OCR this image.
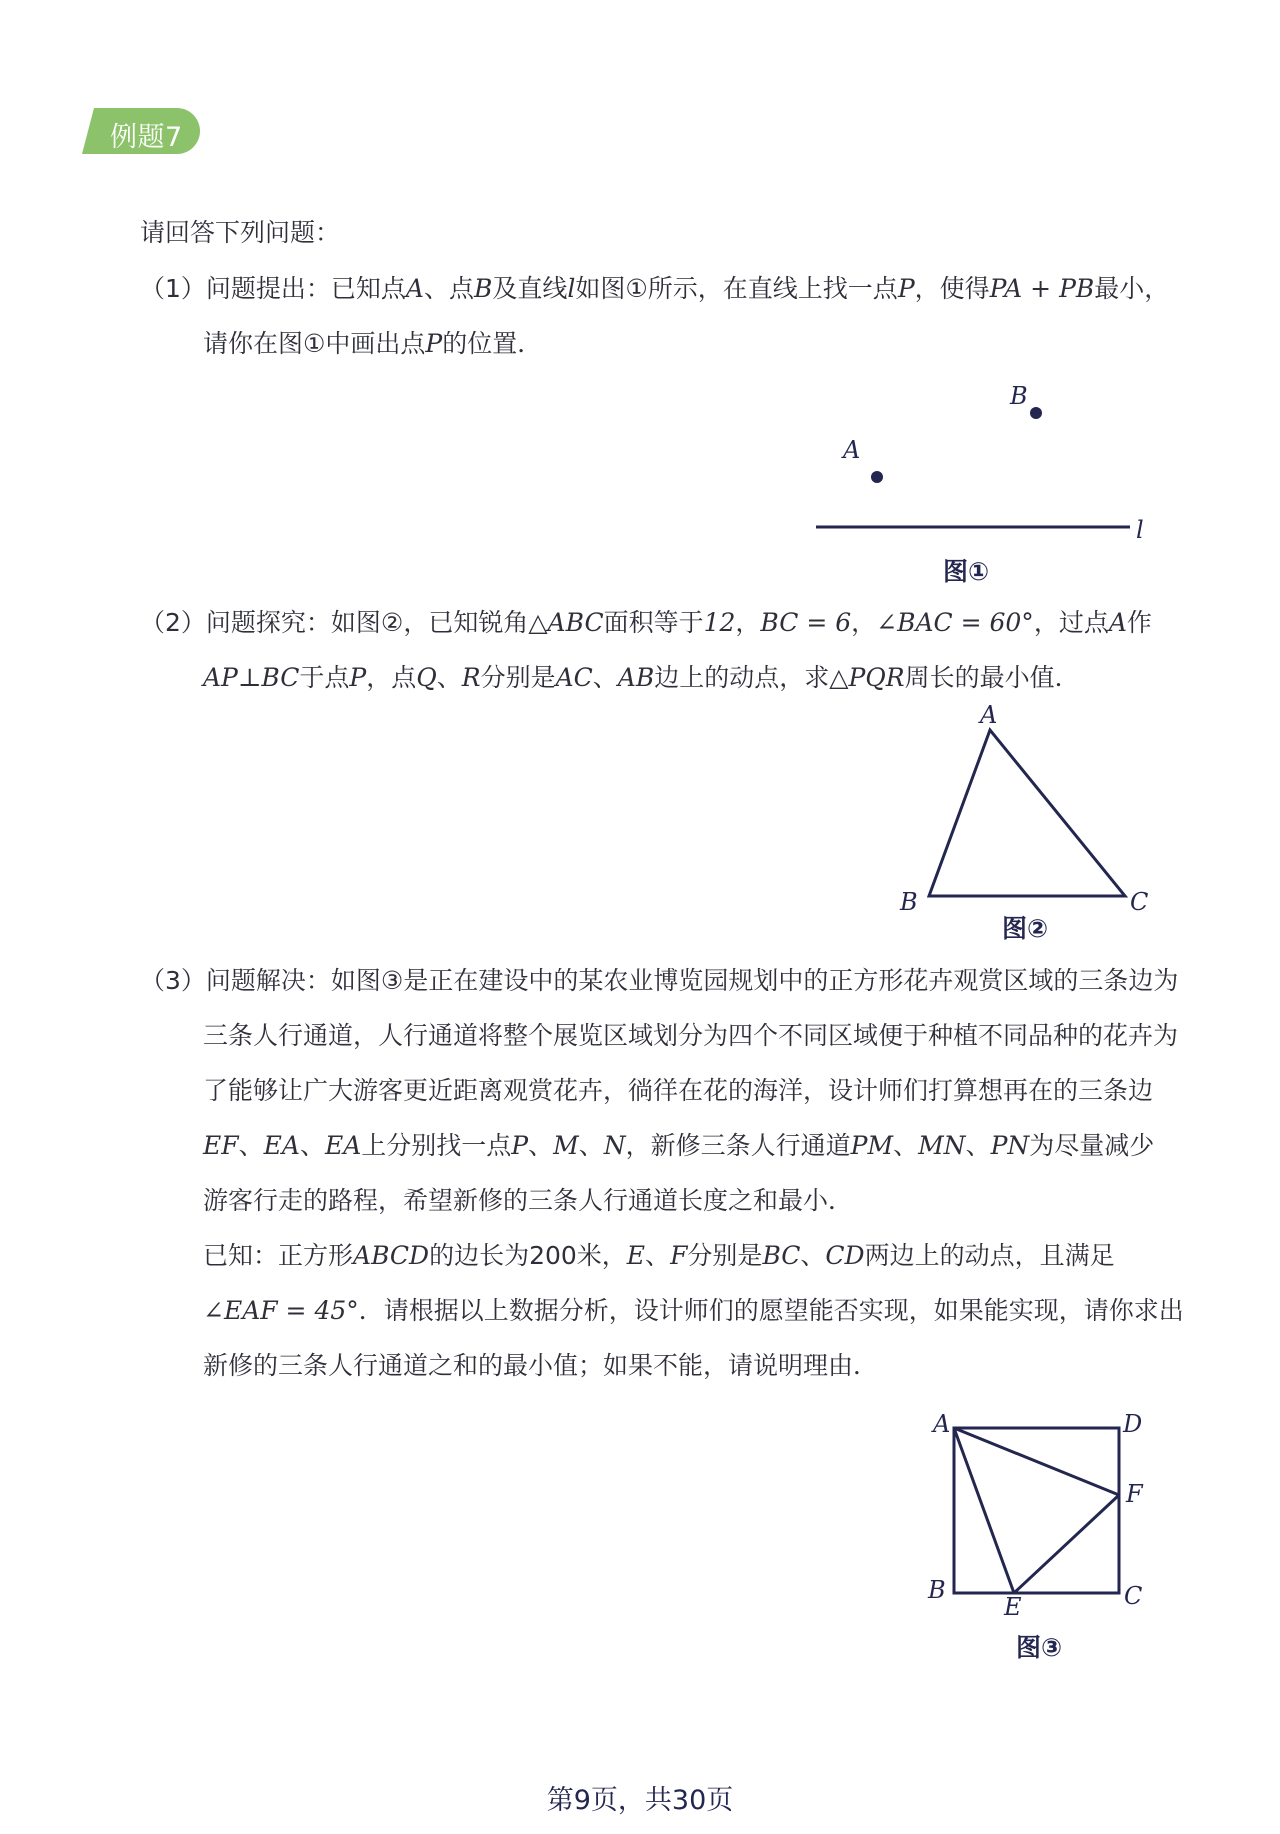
例题7
请回答下列问题：
（1）问题提出：已知点A、点B及直线l如图①所示，在直线上找一点P，使得PA + PB最小，
请你在图①中画出点P的位置．
B
A
l
图①
（2）问题探究：如图②，已知锐角△ABC面积等于12，BC = 6，∠BAC = 60°，过点A作
AP⊥BC于点P，点Q、R分别是AC、AB边上的动点，求△PQR周长的最小值．
A
B	C
图②
（3）问题解决：如图③是正在建设中的某农业博览园规划中的正方形花卉观赏区域的三条边为
三条人行通道，人行通道将整个展览区域划分为四个不同区域便于种植不同品种的花卉为
了能够让广大游客更近距离观赏花卉，徜徉在花的海洋，设计师们打算想再在的三条边
EF、EA、EA上分别找一点P、M、N，新修三条人行通道PM、MN、PN为尽量减少
游客行走的路程，希望新修的三条人行通道长度之和最小．
已知：正方形ABCD的边长为200米，E、F分别是BC、CD两边上的动点，且满足
∠EAF = 45°．请根据以上数据分析，设计师们的愿望能否实现，如果能实现，请你求出
新修的三条人行通道之和的最小值；如果不能，请说明理由．
A	D
F
B	C
E
图③
第9页，共30页
